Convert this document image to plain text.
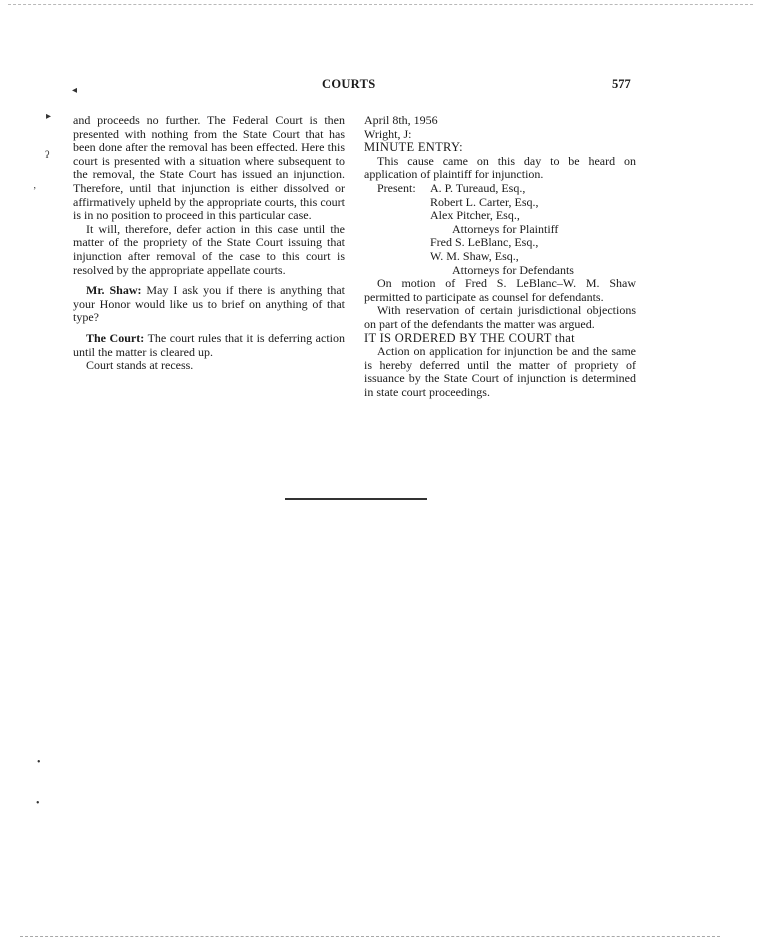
COURTS	577
◂
▸
ʔ
ʼ
•
•

and proceeds no further. The Federal Court is then presented with nothing from the State Court that has been done after the removal has been effected. Here this court is presented with a situation where subsequent to the removal, the State Court has issued an injunction. Therefore, until that injunction is either dissolved or affirmatively upheld by the appropriate courts, this court is in no position to proceed in this particular case.

It will, therefore, defer action in this case until the matter of the propriety of the State Court issuing that injunction after removal of the case to this court is resolved by the appropriate appellate courts.

Mr. Shaw: May I ask you if there is anything that your Honor would like us to brief on anything of that type?

The Court: The court rules that it is deferring action until the matter is cleared up.

Court stands at recess.

April 8th, 1956

Wright, J:

MINUTE ENTRY:

This cause came on this day to be heard on application of plaintiff for injunction.

Present:	A. P. Tureaud, Esq.,
Robert L. Carter, Esq.,
Alex Pitcher, Esq.,
Attorneys for Plaintiff
Fred S. LeBlanc, Esq.,
W. M. Shaw, Esq.,
Attorneys for Defendants

On motion of Fred S. LeBlanc–W. M. Shaw permitted to participate as counsel for defendants.

With reservation of certain jurisdictional objections on part of the defendants the matter was argued.

IT IS ORDERED BY THE COURT that

Action on application for injunction be and the same is hereby deferred until the matter of propriety of issuance by the State Court of injunction is determined in state court proceedings.
